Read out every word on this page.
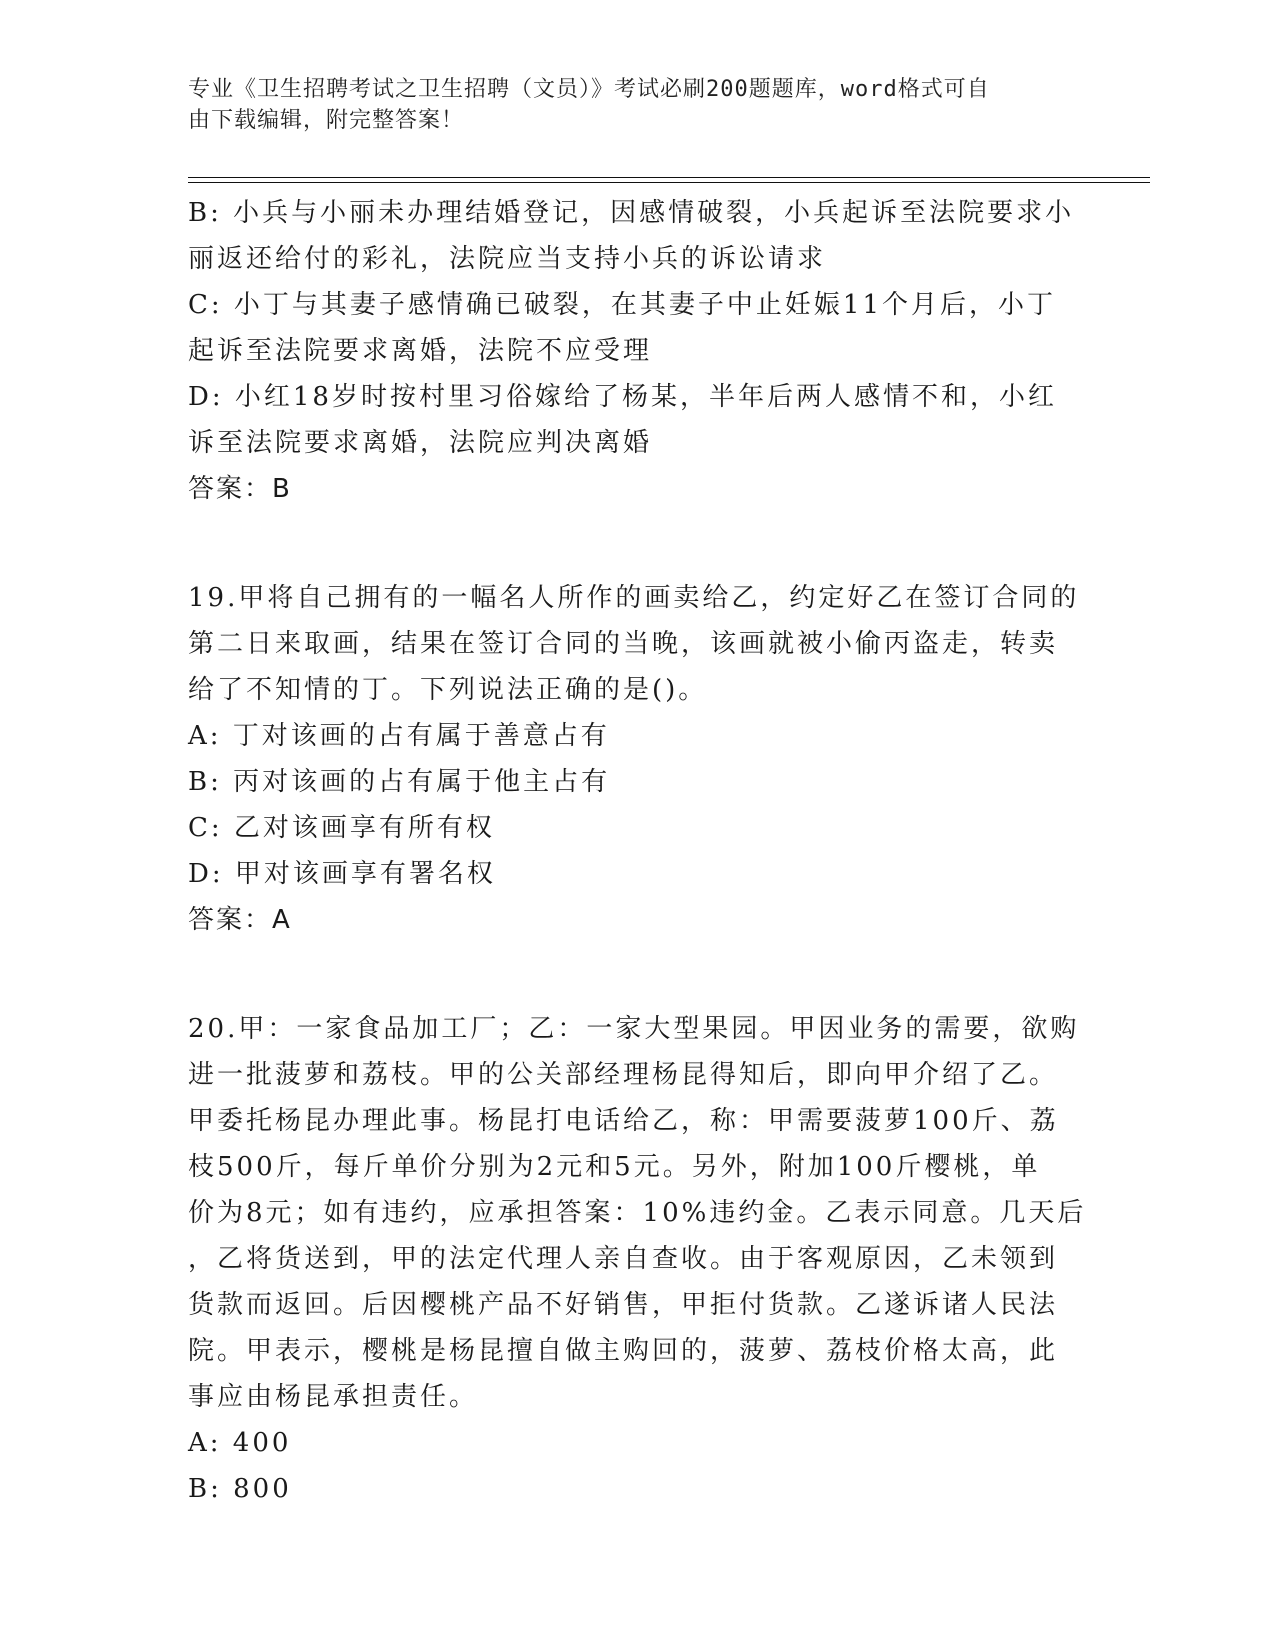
专业《卫生招聘考试之卫生招聘（文员）》考试必刷200题题库，word格式可自
由下载编辑，附完整答案！
B: 小兵与小丽未办理结婚登记，因感情破裂，小兵起诉至法院要求小
丽返还给付的彩礼，法院应当支持小兵的诉讼请求
C: 小丁与其妻子感情确已破裂，在其妻子中止妊娠11个月后，小丁
起诉至法院要求离婚，法院不应受理
D: 小红18岁时按村里习俗嫁给了杨某，半年后两人感情不和，小红
诉至法院要求离婚，法院应判决离婚
答案：B
19.甲将自己拥有的一幅名人所作的画卖给乙，约定好乙在签订合同的
第二日来取画，结果在签订合同的当晚，该画就被小偷丙盗走，转卖
给了不知情的丁。下列说法正确的是()。
A: 丁对该画的占有属于善意占有
B: 丙对该画的占有属于他主占有
C: 乙对该画享有所有权
D: 甲对该画享有署名权
答案：A
20.甲：一家食品加工厂；乙：一家大型果园。甲因业务的需要，欲购
进一批菠萝和荔枝。甲的公关部经理杨昆得知后，即向甲介绍了乙。
甲委托杨昆办理此事。杨昆打电话给乙，称：甲需要菠萝100斤、荔
枝500斤，每斤单价分别为2元和5元。另外，附加100斤樱桃，单
价为8元；如有违约，应承担答案：10%违约金。乙表示同意。几天后
，乙将货送到，甲的法定代理人亲自查收。由于客观原因，乙未领到
货款而返回。后因樱桃产品不好销售，甲拒付货款。乙遂诉诸人民法
院。甲表示，樱桃是杨昆擅自做主购回的，菠萝、荔枝价格太高，此
事应由杨昆承担责任。
A: 400
B: 800
